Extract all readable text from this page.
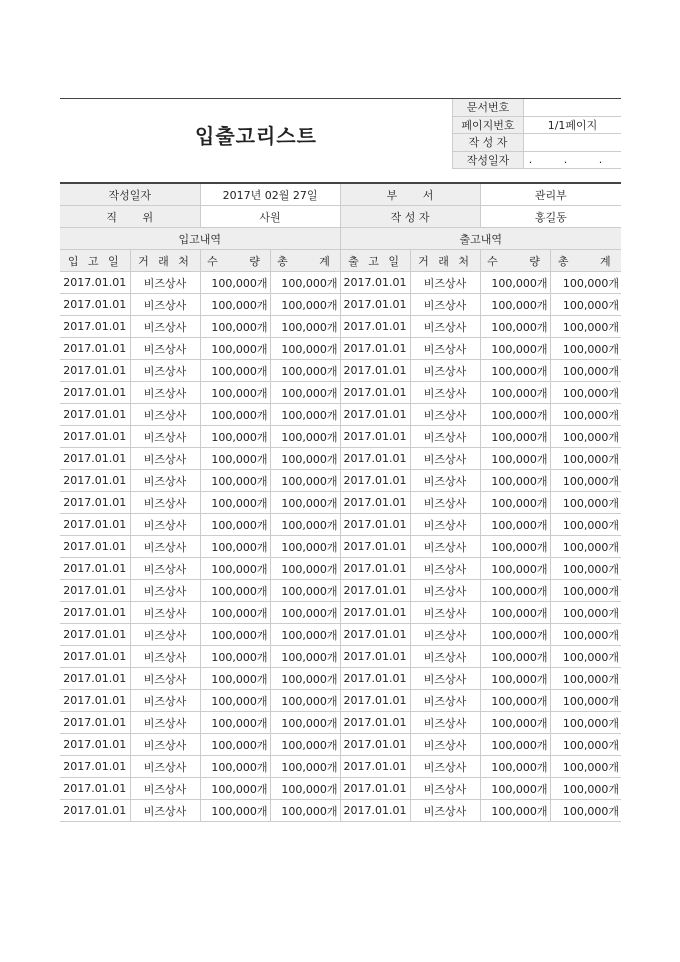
입출고리스트
문서번호	
페이지번호	1/1페이지
작 성 자	
작성일자	. . .
작성일자		2017년 02월 27일		부 서		관리부	
직 위		사원		작 성 자		홍길동	
입고내역				출고내역			
입 고 일	거 래 처	수 량	총 계	출 고 일	거 래 처	수 량	총 계
2017.01.01	비즈상사	100,000개	100,000개	2017.01.01	비즈상사	100,000개	100,000개
2017.01.01	비즈상사	100,000개	100,000개	2017.01.01	비즈상사	100,000개	100,000개
2017.01.01	비즈상사	100,000개	100,000개	2017.01.01	비즈상사	100,000개	100,000개
2017.01.01	비즈상사	100,000개	100,000개	2017.01.01	비즈상사	100,000개	100,000개
2017.01.01	비즈상사	100,000개	100,000개	2017.01.01	비즈상사	100,000개	100,000개
2017.01.01	비즈상사	100,000개	100,000개	2017.01.01	비즈상사	100,000개	100,000개
2017.01.01	비즈상사	100,000개	100,000개	2017.01.01	비즈상사	100,000개	100,000개
2017.01.01	비즈상사	100,000개	100,000개	2017.01.01	비즈상사	100,000개	100,000개
2017.01.01	비즈상사	100,000개	100,000개	2017.01.01	비즈상사	100,000개	100,000개
2017.01.01	비즈상사	100,000개	100,000개	2017.01.01	비즈상사	100,000개	100,000개
2017.01.01	비즈상사	100,000개	100,000개	2017.01.01	비즈상사	100,000개	100,000개
2017.01.01	비즈상사	100,000개	100,000개	2017.01.01	비즈상사	100,000개	100,000개
2017.01.01	비즈상사	100,000개	100,000개	2017.01.01	비즈상사	100,000개	100,000개
2017.01.01	비즈상사	100,000개	100,000개	2017.01.01	비즈상사	100,000개	100,000개
2017.01.01	비즈상사	100,000개	100,000개	2017.01.01	비즈상사	100,000개	100,000개
2017.01.01	비즈상사	100,000개	100,000개	2017.01.01	비즈상사	100,000개	100,000개
2017.01.01	비즈상사	100,000개	100,000개	2017.01.01	비즈상사	100,000개	100,000개
2017.01.01	비즈상사	100,000개	100,000개	2017.01.01	비즈상사	100,000개	100,000개
2017.01.01	비즈상사	100,000개	100,000개	2017.01.01	비즈상사	100,000개	100,000개
2017.01.01	비즈상사	100,000개	100,000개	2017.01.01	비즈상사	100,000개	100,000개
2017.01.01	비즈상사	100,000개	100,000개	2017.01.01	비즈상사	100,000개	100,000개
2017.01.01	비즈상사	100,000개	100,000개	2017.01.01	비즈상사	100,000개	100,000개
2017.01.01	비즈상사	100,000개	100,000개	2017.01.01	비즈상사	100,000개	100,000개
2017.01.01	비즈상사	100,000개	100,000개	2017.01.01	비즈상사	100,000개	100,000개
2017.01.01	비즈상사	100,000개	100,000개	2017.01.01	비즈상사	100,000개	100,000개
